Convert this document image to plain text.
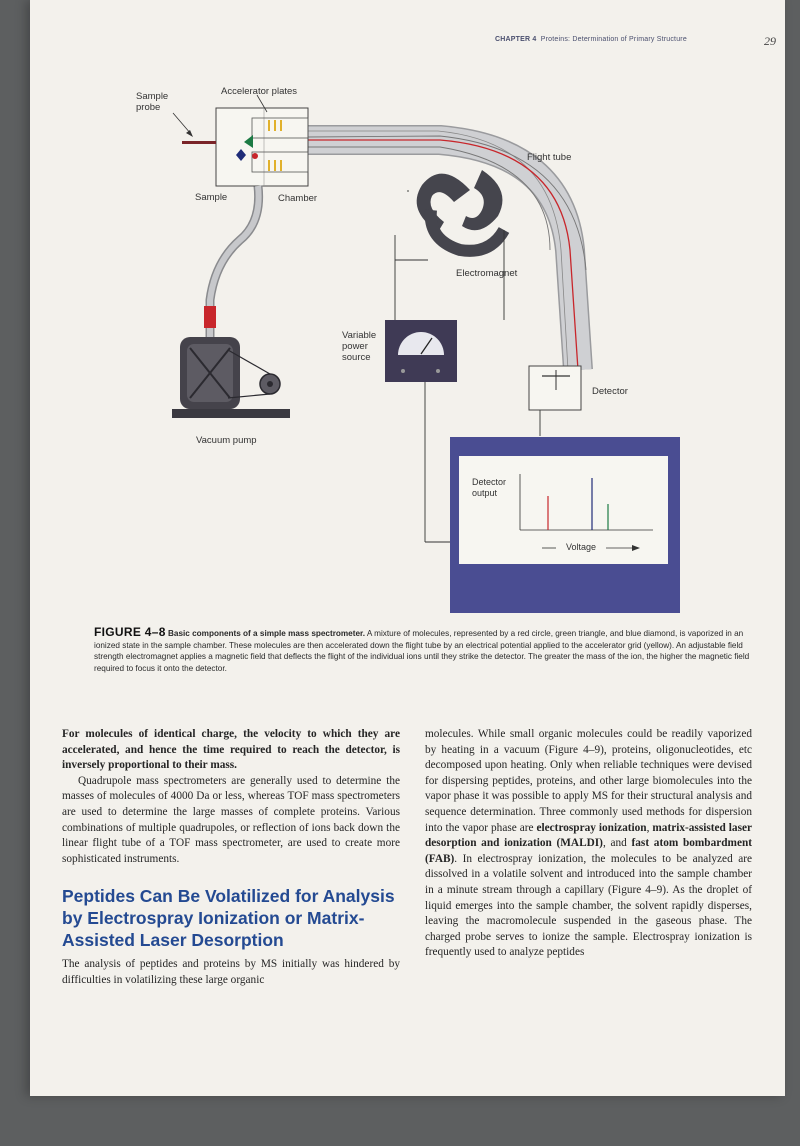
CHAPTER 4 Proteins: Determination of Primary Structure	29
Sample
probe
Accelerator plates
Sample	Chamber
Flight tube
Electromagnet
Variable
power
source
Detector
Vacuum pump
Detector
output
Voltage
FIGURE 4–8 Basic components of a simple mass spectrometer. A mixture of molecules, represented by a red circle, green triangle, and blue diamond, is vaporized in an ionized state in the sample chamber. These molecules are then accelerated down the flight tube by an electrical potential applied to the accelerator grid (yellow). An adjustable field strength electromagnet applies a magnetic field that deflects the flight of the individual ions until they strike the detector. The greater the mass of the ion, the higher the magnetic field required to focus it onto the detector.

For molecules of identical charge, the velocity to which they are accelerated, and hence the time required to reach the detector, is inversely proportional to their mass.

Quadrupole mass spectrometers are generally used to determine the masses of molecules of 4000 Da or less, whereas TOF mass spectrometers are used to determine the large masses of complete proteins. Various combinations of multiple quadrupoles, or reflection of ions back down the linear flight tube of a TOF mass spectrometer, are used to create more sophisticated instruments.

Peptides Can Be Volatilized for Analysis by Electrospray Ionization or Matrix-Assisted Laser Desorption

The analysis of peptides and proteins by MS initially was hindered by difficulties in volatilizing these large organic

molecules. While small organic molecules could be readily vaporized by heating in a vacuum (Figure 4–9), proteins, oligonucleotides, etc decomposed upon heating. Only when reliable techniques were devised for dispersing peptides, proteins, and other large biomolecules into the vapor phase it was possible to apply MS for their structural analysis and sequence determination. Three commonly used methods for dispersion into the vapor phase are electrospray ionization, matrix-assisted laser desorption and ionization (MALDI), and fast atom bombardment (FAB). In electrospray ionization, the molecules to be analyzed are dissolved in a volatile solvent and introduced into the sample chamber in a minute stream through a capillary (Figure 4–9). As the droplet of liquid emerges into the sample chamber, the solvent rapidly disperses, leaving the macromolecule suspended in the gaseous phase. The charged probe serves to ionize the sample. Electrospray ionization is frequently used to analyze peptides
